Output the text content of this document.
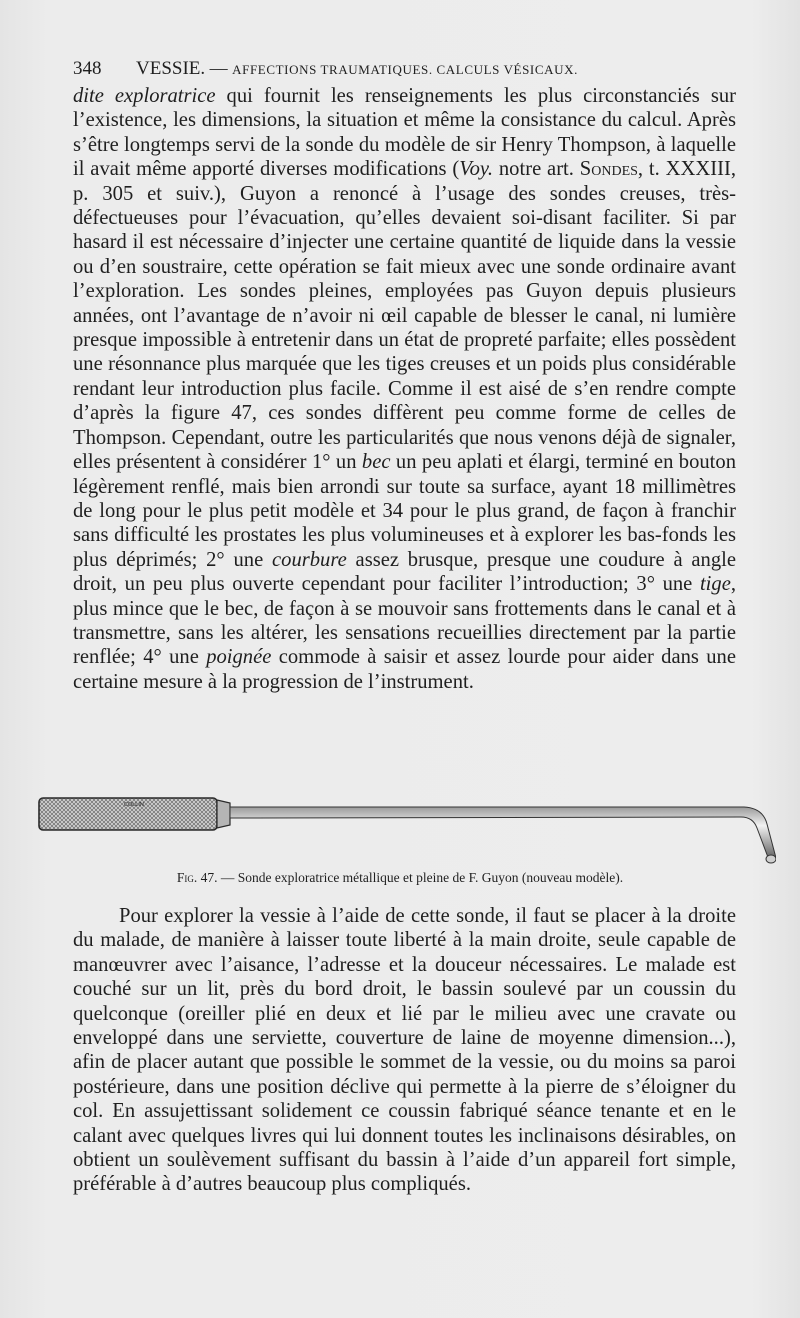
348 VESSIE. — AFFECTIONS TRAUMATIQUES. CALCULS VÉSICAUX.
dite exploratrice qui fournit les renseignements les plus circonstanciés sur l’existence, les dimensions, la situation et même la consistance du calcul. Après s’être longtemps servi de la sonde du modèle de sir Henry Thompson, à laquelle il avait même apporté diverses modifications (Voy. notre art. Sondes, t. XXXIII, p. 305 et suiv.), Guyon a renoncé à l’usage des sondes creuses, très-défectueuses pour l’évacuation, qu’elles devaient soi-disant faciliter. Si par hasard il est nécessaire d’injecter une certaine quantité de liquide dans la vessie ou d’en soustraire, cette opération se fait mieux avec une sonde ordinaire avant l’exploration. Les sondes pleines, employées pas Guyon depuis plusieurs années, ont l’avantage de n’avoir ni œil capable de blesser le canal, ni lumière presque impossible à entretenir dans un état de propreté parfaite; elles possèdent une résonnance plus marquée que les tiges creuses et un poids plus considérable rendant leur introduction plus facile. Comme il est aisé de s’en rendre compte d’après la figure 47, ces sondes diffèrent peu comme forme de celles de Thompson. Cependant, outre les particularités que nous venons déjà de signaler, elles présentent à considérer 1° un bec un peu aplati et élargi, terminé en bouton légèrement renflé, mais bien arrondi sur toute sa surface, ayant 18 millimètres de long pour le plus petit modèle et 34 pour le plus grand, de façon à franchir sans difficulté les prostates les plus volumineuses et à explorer les bas-fonds les plus déprimés; 2° une courbure assez brusque, presque une coudure à angle droit, un peu plus ouverte cependant pour faciliter l’introduction; 3° une tige, plus mince que le bec, de façon à se mouvoir sans frottements dans le canal et à transmettre, sans les altérer, les sensations recueillies directement par la partie renflée; 4° une poignée commode à saisir et assez lourde pour aider dans une certaine mesure à la progression de l’instrument.
COLLIN
Fig. 47. — Sonde exploratrice métallique et pleine de F. Guyon (nouveau modèle).
Pour explorer la vessie à l’aide de cette sonde, il faut se placer à la droite du malade, de manière à laisser toute liberté à la main droite, seule capable de manœuvrer avec l’aisance, l’adresse et la douceur nécessaires. Le malade est couché sur un lit, près du bord droit, le bassin soulevé par un coussin du quelconque (oreiller plié en deux et lié par le milieu avec une cravate ou enveloppé dans une serviette, couverture de laine de moyenne dimension...), afin de placer autant que possible le sommet de la vessie, ou du moins sa paroi postérieure, dans une position déclive qui permette à la pierre de s’éloigner du col. En assujettissant solidement ce coussin fabriqué séance tenante et en le calant avec quelques livres qui lui donnent toutes les inclinaisons désirables, on obtient un soulèvement suffisant du bassin à l’aide d’un appareil fort simple, préférable à d’autres beaucoup plus compliqués.
